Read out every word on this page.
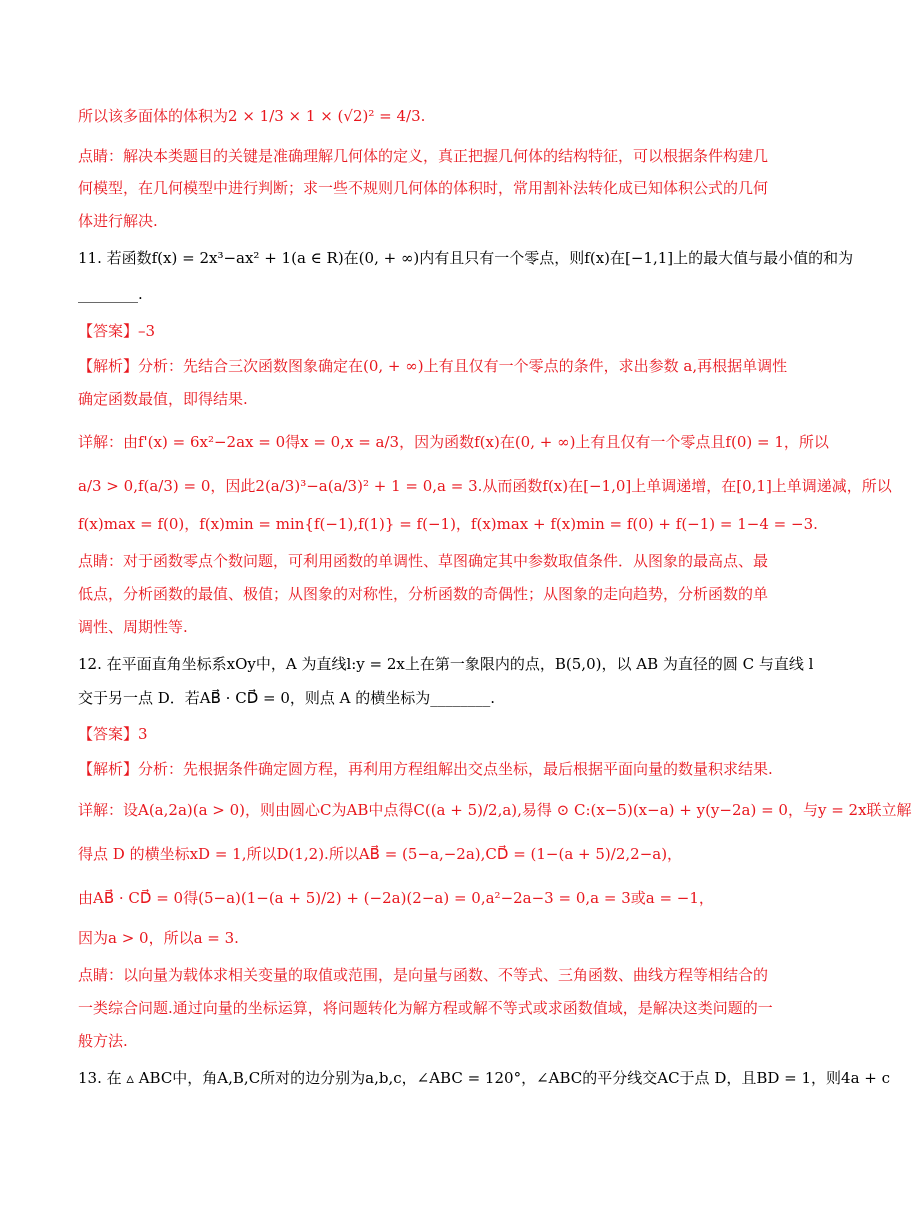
所以该多面体的体积为2 × 1/3 × 1 × (√2)² = 4/3.
点睛：解决本类题目的关键是准确理解几何体的定义，真正把握几何体的结构特征，可以根据条件构建几
何模型，在几何模型中进行判断；求一些不规则几何体的体积时，常用割补法转化成已知体积公式的几何
体进行解决.
11. 若函数f(x) = 2x³−ax² + 1(a ∈ R)在(0, + ∞)内有且只有一个零点，则f(x)在[−1,1]上的最大值与最小值的和为
________.
【答案】–3
【解析】分析：先结合三次函数图象确定在(0, + ∞)上有且仅有一个零点的条件，求出参数 a,再根据单调性
确定函数最值，即得结果.
详解：由f'(x) = 6x²−2ax = 0得x = 0,x = a/3，因为函数f(x)在(0, + ∞)上有且仅有一个零点且f(0) = 1，所以
a/3 > 0,f(a/3) = 0，因此2(a/3)³−a(a/3)² + 1 = 0,a = 3.从而函数f(x)在[−1,0]上单调递增，在[0,1]上单调递减，所以
f(x)max = f(0)，f(x)min = min{f(−1),f(1)} = f(−1)，f(x)max + f(x)min = f(0) + f(−1) = 1−4 = −3.
点睛：对于函数零点个数问题，可利用函数的单调性、草图确定其中参数取值条件．从图象的最高点、最
低点，分析函数的最值、极值；从图象的对称性，分析函数的奇偶性；从图象的走向趋势，分析函数的单
调性、周期性等.
12. 在平面直角坐标系xOy中，A 为直线l:y = 2x上在第一象限内的点，B(5,0)，以 AB 为直径的圆 C 与直线 l
交于另一点 D．若AB⃗ · CD⃗ = 0，则点 A 的横坐标为________.
【答案】3
【解析】分析：先根据条件确定圆方程，再利用方程组解出交点坐标，最后根据平面向量的数量积求结果.
详解：设A(a,2a)(a > 0)，则由圆心C为AB中点得C((a + 5)/2,a),易得 ⊙ C:(x−5)(x−a) + y(y−2a) = 0，与y = 2x联立解
得点 D 的横坐标xD = 1,所以D(1,2).所以AB⃗ = (5−a,−2a),CD⃗ = (1−(a + 5)/2,2−a)，
由AB⃗ · CD⃗ = 0得(5−a)(1−(a + 5)/2) + (−2a)(2−a) = 0,a²−2a−3 = 0,a = 3或a = −1，
因为a > 0，所以a = 3.
点睛：以向量为载体求相关变量的取值或范围，是向量与函数、不等式、三角函数、曲线方程等相结合的
一类综合问题.通过向量的坐标运算，将问题转化为解方程或解不等式或求函数值域，是解决这类问题的一
般方法.
13. 在 ▵ ABC中，角A,B,C所对的边分别为a,b,c，∠ABC = 120°，∠ABC的平分线交AC于点 D，且BD = 1，则4a + c
